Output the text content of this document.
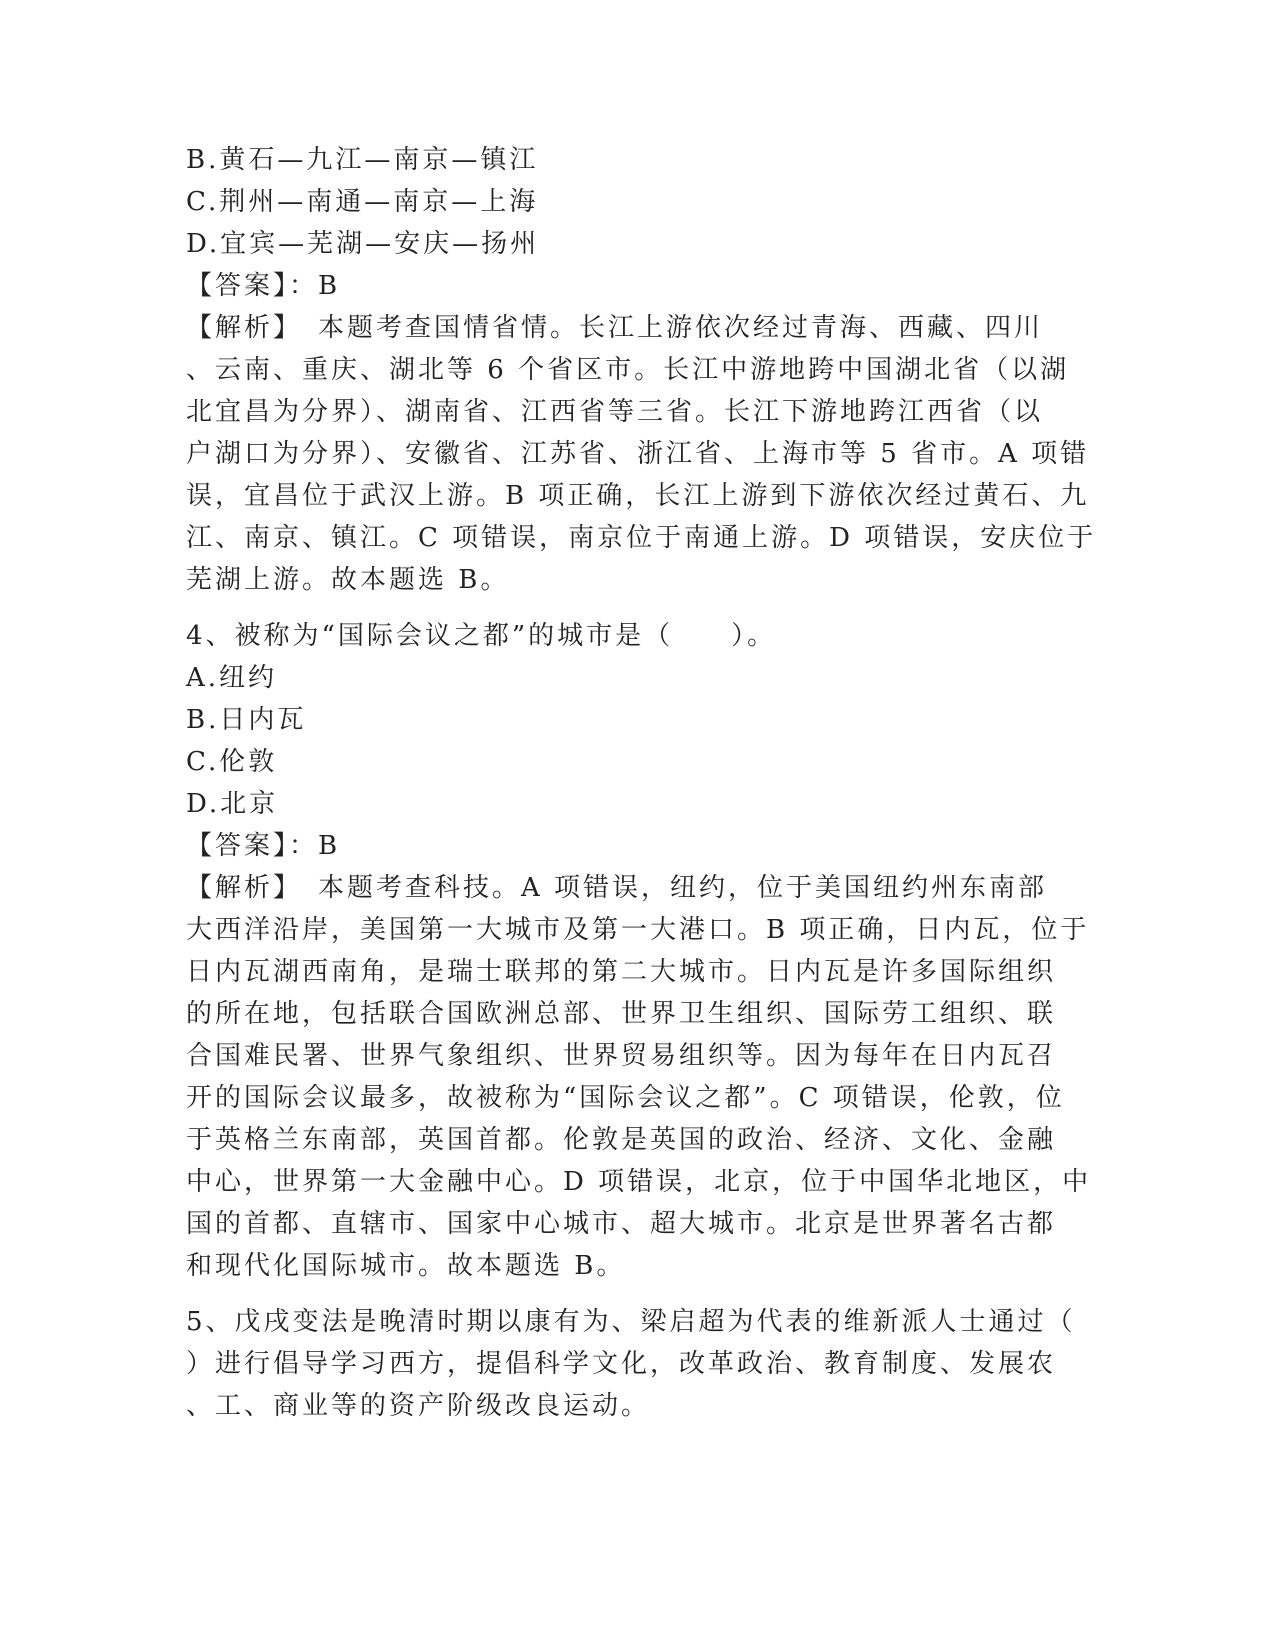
B.黄石—九江—南京—镇江
C.荆州—南通—南京—上海
D.宜宾—芜湖—安庆—扬州
【答案】：B
【解析】　本题考查国情省情。长江上游依次经过青海、西藏、四川
、云南、重庆、湖北等 6 个省区市。长江中游地跨中国湖北省（以湖
北宜昌为分界）、湖南省、江西省等三省。长江下游地跨江西省（以
户湖口为分界）、安徽省、江苏省、浙江省、上海市等 5 省市。A 项错
误，宜昌位于武汉上游。B 项正确，长江上游到下游依次经过黄石、九
江、南京、镇江。C 项错误，南京位于南通上游。D 项错误，安庆位于
芜湖上游。故本题选 B。
4、被称为“国际会议之都”的城市是（　　）。
A.纽约
B.日内瓦
C.伦敦
D.北京
【答案】：B
【解析】　本题考查科技。A 项错误，纽约，位于美国纽约州东南部
大西洋沿岸，美国第一大城市及第一大港口。B 项正确，日内瓦，位于
日内瓦湖西南角，是瑞士联邦的第二大城市。日内瓦是许多国际组织
的所在地，包括联合国欧洲总部、世界卫生组织、国际劳工组织、联
合国难民署、世界气象组织、世界贸易组织等。因为每年在日内瓦召
开的国际会议最多，故被称为“国际会议之都”。C 项错误，伦敦，位
于英格兰东南部，英国首都。伦敦是英国的政治、经济、文化、金融
中心，世界第一大金融中心。D 项错误，北京，位于中国华北地区，中
国的首都、直辖市、国家中心城市、超大城市。北京是世界著名古都
和现代化国际城市。故本题选 B。
5、戊戌变法是晚清时期以康有为、梁启超为代表的维新派人士通过（
）进行倡导学习西方，提倡科学文化，改革政治、教育制度、发展农
、工、商业等的资产阶级改良运动。
